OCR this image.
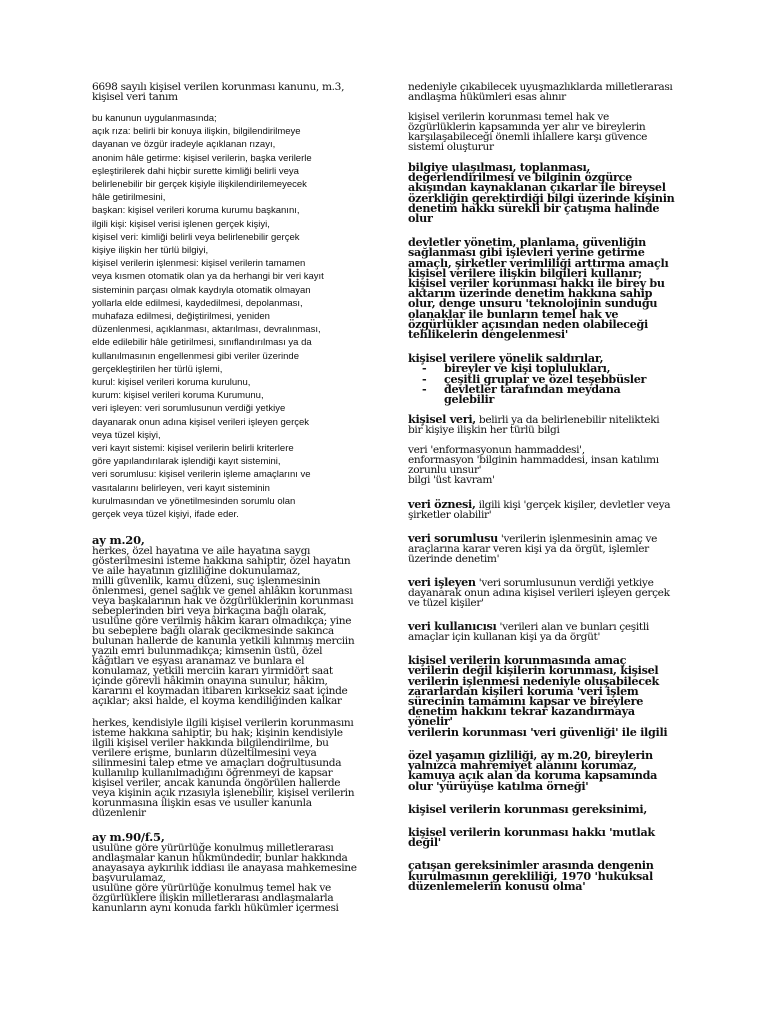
6698 sayılı kişisel verilen korunması kanunu, m.3,

kişisel veri tanım

bu kanunun uygulanmasında;

açık rıza: belirli bir konuya ilişkin, bilgilendirilmeye

dayanan ve özgür iradeyle açıklanan rızayı,

anonim hâle getirme: kişisel verilerin, başka verilerle

eşleştirilerek dahi hiçbir surette kimliği belirli veya

belirlenebilir bir gerçek kişiyle ilişkilendirilemeyecek

hâle getirilmesini,

başkan: kişisel verileri koruma kurumu başkanını,

ilgili kişi: kişisel verisi işlenen gerçek kişiyi,

kişisel veri: kimliği belirli veya belirlenebilir gerçek

kişiye ilişkin her türlü bilgiyi,

kişisel verilerin işlenmesi: kişisel verilerin tamamen

veya kısmen otomatik olan ya da herhangi bir veri kayıt

sisteminin parçası olmak kaydıyla otomatik olmayan

yollarla elde edilmesi, kaydedilmesi, depolanması,

muhafaza edilmesi, değiştirilmesi, yeniden

düzenlenmesi, açıklanması, aktarılması, devralınması,

elde edilebilir hâle getirilmesi, sınıflandırılması ya da

kullanılmasının engellenmesi gibi veriler üzerinde

gerçekleştirilen her türlü işlemi,

kurul: kişisel verileri koruma kurulunu,

kurum: kişisel verileri koruma Kurumunu,

veri işleyen: veri sorumlusunun verdiği yetkiye

dayanarak onun adına kişisel verileri işleyen gerçek

veya tüzel kişiyi,

veri kayıt sistemi: kişisel verilerin belirli kriterlere

göre yapılandırılarak işlendiği kayıt sistemini,

veri sorumlusu: kişisel verilerin işleme amaçlarını ve

vasıtalarını belirleyen, veri kayıt sisteminin

kurulmasından ve yönetilmesinden sorumlu olan

gerçek veya tüzel kişiyi, ifade eder.

ay m.20,

herkes, özel hayatına ve aile hayatına saygı

gösterilmesini isteme hakkına sahiptir, özel hayatın

ve aile hayatının gizliliğine dokunulamaz,

milli güvenlik, kamu düzeni, suç işlenmesinin

önlenmesi, genel sağlık ve genel ahlâkın korunması

veya başkalarının hak ve özgürlüklerinin korunması

sebeplerinden biri veya birkaçına bağlı olarak,

usulüne göre verilmiş hâkim kararı olmadıkça; yine

bu sebeplere bağlı olarak gecikmesinde sakınca

bulunan hallerde de kanunla yetkili kılınmış merciin

yazılı emri bulunmadıkça; kimsenin üstü, özel

kâğıtları ve eşyası aranamaz ve bunlara el

konulamaz, yetkili merciin kararı yirmidört saat

içinde görevli hâkimin onayına sunulur, hâkim,

kararını el koymadan itibaren kırksekiz saat içinde

açıklar; aksi halde, el koyma kendiliğinden kalkar

herkes, kendisiyle ilgili kişisel verilerin korunmasını

isteme hakkına sahiptir, bu hak; kişinin kendisiyle

ilgili kişisel veriler hakkında bilgilendirilme, bu

verilere erişme, bunların düzeltilmesini veya

silinmesini talep etme ve amaçları doğrultusunda

kullanılıp kullanılmadığını öğrenmeyi de kapsar

kişisel veriler, ancak kanunda öngörülen hallerde

veya kişinin açık rızasıyla işlenebilir, kişisel verilerin

korunmasına ilişkin esas ve usuller kanunla

düzenlenir

ay m.90/f.5,

usulüne göre yürürlüğe konulmuş milletlerarası

andlaşmalar kanun hükmündedir, bunlar hakkında

anayasaya aykırılık iddiası ile anayasa mahkemesine

başvurulamaz,

usulüne göre yürürlüğe konulmuş temel hak ve

özgürlüklere ilişkin milletlerarası andlaşmalarla

kanunların aynı konuda farklı hükümler içermesi

nedeniyle çıkabilecek uyuşmazlıklarda milletlerarası

andlaşma hükümleri esas alınır

kişisel verilerin korunması temel hak ve

özgürlüklerin kapsamında yer alır ve bireylerin

karşılaşabileceği önemli ihlallere karşı güvence

sistemi oluşturur

bilgiye ulaşılması, toplanması,

değerlendirilmesi ve bilginin özgürce

akışından kaynaklanan çıkarlar ile bireysel

özerkliğin gerektirdiği bilgi üzerinde kişinin

denetim hakkı sürekli bir çatışma halinde

olur

devletler yönetim, planlama, güvenliğin

sağlanması gibi işlevleri yerine getirme

amaçlı, şirketler verimliliği arttırma amaçlı

kişisel verilere ilişkin bilgileri kullanır;

kişisel veriler korunması hakkı ile birey bu

aktarım üzerinde denetim hakkına sahip

olur, denge unsuru 'teknolojinin sunduğu

olanaklar ile bunların temel hak ve

özgürlükler açısından neden olabileceği

tehlikelerin dengelenmesi'

kişisel verilere yönelik saldırılar,

- bireyler ve kişi toplulukları,

- çeşitli gruplar ve özel teşebbüsler

- devletler tarafından meydana

gelebilir

kişisel veri, belirli ya da belirlenebilir nitelikteki

bir kişiye ilişkin her türlü bilgi

veri 'enformasyonun hammaddesi',

enformasyon 'bilginin hammaddesi, insan katılımı

zorunlu unsur'

bilgi 'üst kavram'

veri öznesi, ilgili kişi 'gerçek kişiler, devletler veya

şirketler olabilir'

veri sorumlusu 'verilerin işlenmesinin amaç ve

araçlarına karar veren kişi ya da örgüt, işlemler

üzerinde denetim'

veri işleyen 'veri sorumlusunun verdiği yetkiye

dayanarak onun adına kişisel verileri işleyen gerçek

ve tüzel kişiler'

veri kullanıcısı 'verileri alan ve bunları çeşitli

amaçlar için kullanan kişi ya da örgüt'

kişisel verilerin korunmasında amaç

verilerin değil kişilerin korunması, kişisel

verilerin işlenmesi nedeniyle oluşabilecek

zararlardan kişileri koruma 'veri işlem

sürecinin tamamını kapsar ve bireylere

denetim hakkını tekrar kazandırmaya

yönelir'

verilerin korunması 'veri güvenliği' ile ilgili

özel yaşamın gizliliği, ay m.20, bireylerin

yalnızca mahremiyet alanını korumaz,

kamuya açık alan da koruma kapsamında

olur 'yürüyüşe katılma örneği'

kişisel verilerin korunması gereksinimi,

kişisel verilerin korunması hakkı 'mutlak

değil'

çatışan gereksinimler arasında dengenin

kurulmasının gerekliliği, 1970 'hukuksal

düzenlemelerin konusu olma'
